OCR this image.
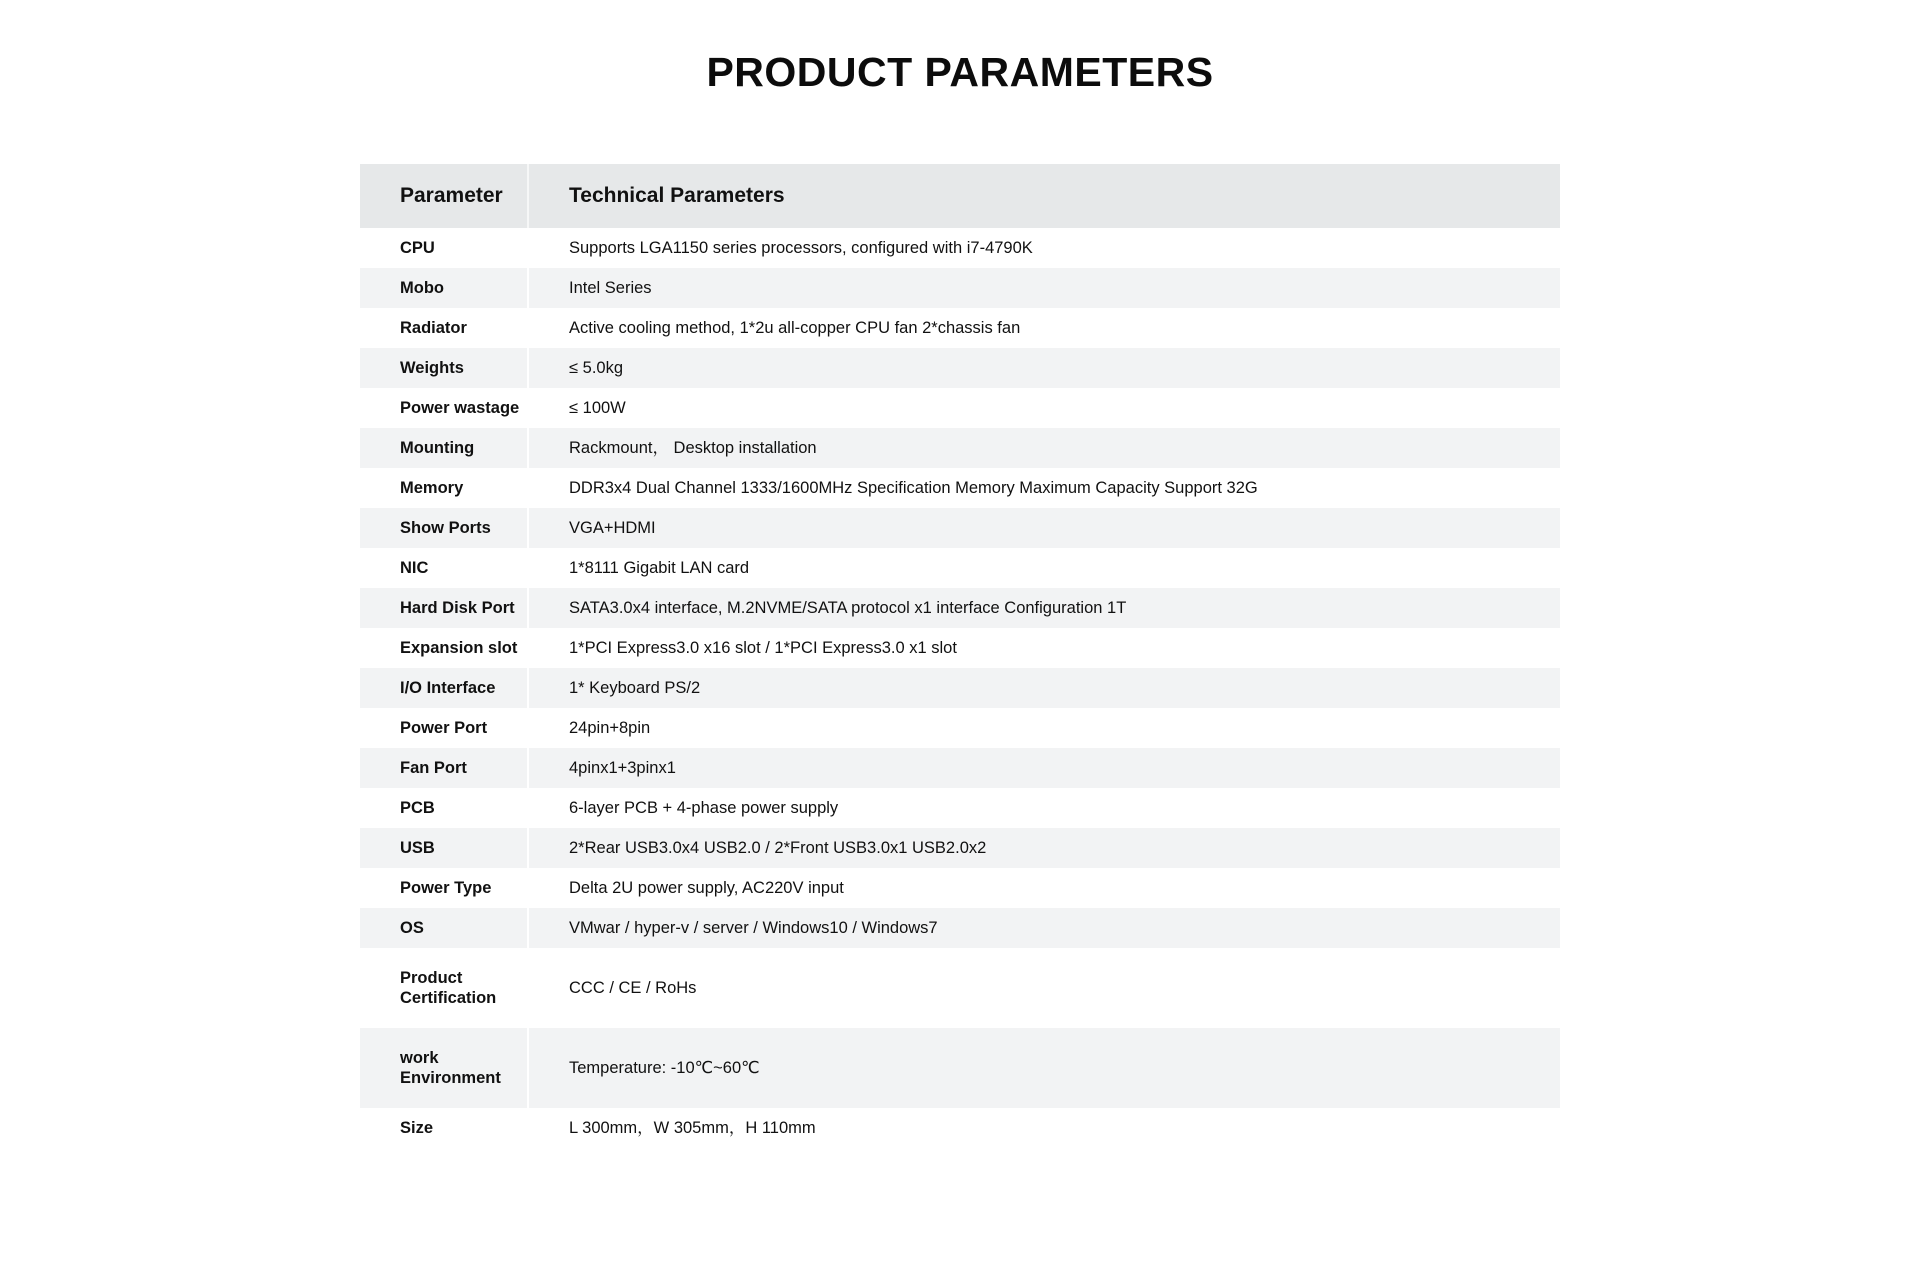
PRODUCT PARAMETERS
Parameter	Technical Parameters
CPU	Supports LGA1150 series processors, configured with i7-4790K
Mobo	Intel Series
Radiator	Active cooling method, 1*2u all-copper CPU fan 2*chassis fan
Weights	≤ 5.0kg
Power wastage	≤ 100W
Mounting	Rackmount， Desktop installation
Memory	DDR3x4 Dual Channel 1333/1600MHz Specification Memory Maximum Capacity Support 32G
Show Ports	VGA+HDMI
NIC	1*8111 Gigabit LAN card
Hard Disk Port	SATA3.0x4 interface, M.2NVME/SATA protocol x1 interface Configuration 1T
Expansion slot	1*PCI Express3.0 x16 slot / 1*PCI Express3.0 x1 slot
I/O Interface	1* Keyboard PS/2
Power Port	24pin+8pin
Fan Port	4pinx1+3pinx1
PCB	6-layer PCB + 4-phase power supply
USB	2*Rear USB3.0x4 USB2.0 / 2*Front USB3.0x1 USB2.0x2
Power Type	Delta 2U power supply, AC220V input
OS	VMwar / hyper-v / server / Windows10 / Windows7
Product Certification	CCC / CE / RoHs
work Environment	Temperature: -10℃~60℃
Size	L 300mm，W 305mm，H 110mm
